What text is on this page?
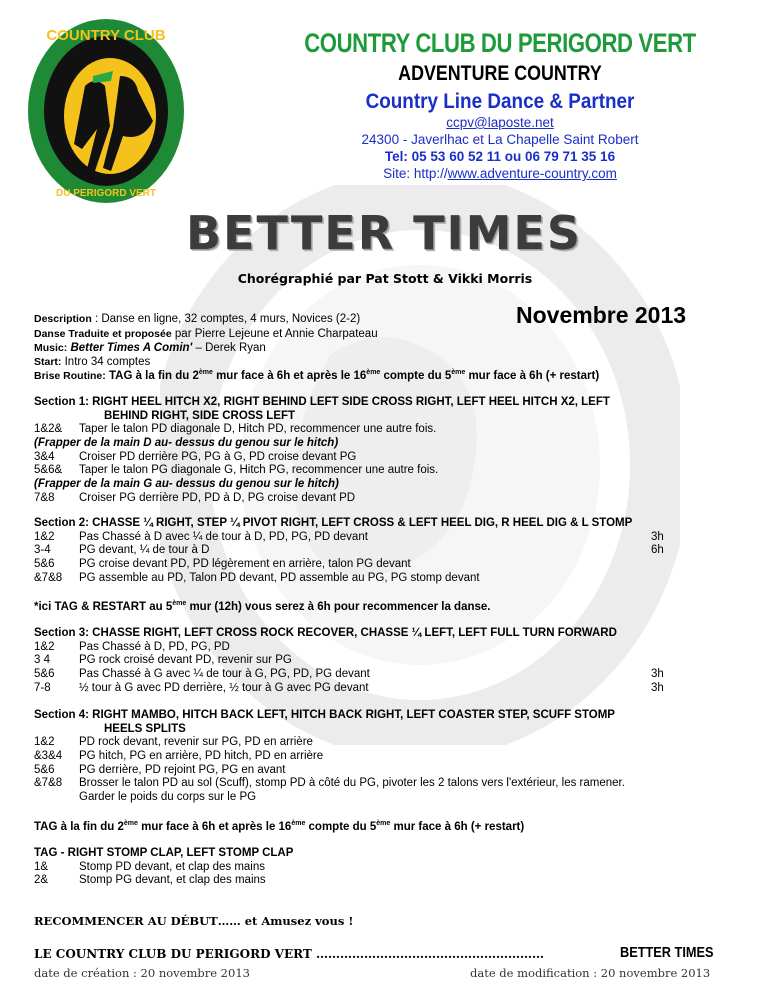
COUNTRY CLUB
DU PERIGORD VERT
COUNTRY CLUB DU PERIGORD VERT
ADVENTURE COUNTRY
Country Line Dance & Partner
ccpv@laposte.net
24300 - Javerlhac et La Chapelle Saint Robert
Tel: 05 53 60 52 11 ou 06 79 71 35 16
Site: http://www.adventure-country.com
BETTER TIMES
Chorégraphié par Pat Stott & Vikki Morris
Novembre 2013
Description : Danse en ligne, 32 comptes, 4 murs, Novices (2-2)
Danse Traduite et proposée par Pierre Lejeune et Annie Charpateau
Music: Better Times A Comin' – Derek Ryan
Start: Intro 34 comptes
Brise Routine: TAG à la fin du 2ème mur face à 6h et après le 16ème compte du 5ème mur face à 6h (+ restart)
Section 1: RIGHT HEEL HITCH X2, RIGHT BEHIND LEFT SIDE CROSS RIGHT, LEFT HEEL HITCH X2, LEFT
BEHIND RIGHT, SIDE CROSS LEFT
1&2& Taper le talon PD diagonale D, Hitch PD, recommencer une autre fois.
(Frapper de la main D au- dessus du genou sur le hitch)
3&4 Croiser PD derrière PG, PG à G, PD croise devant PG
5&6& Taper le talon PG diagonale G, Hitch PG, recommencer une autre fois.
(Frapper de la main G au- dessus du genou sur le hitch)
7&8 Croiser PG derrière PD, PD à D, PG croise devant PD
Section 2: CHASSE ¼ RIGHT, STEP ¼ PIVOT RIGHT, LEFT CROSS & LEFT HEEL DIG, R HEEL DIG & L STOMP
1&2 Pas Chassé à D avec ¼ de tour à D, PD, PG, PD devant	3h
3-4 PG devant, ¼ de tour à D	6h
5&6 PG croise devant PD, PD légèrement en arrière, talon PG devant
&7&8 PG assemble au PD, Talon PD devant, PD assemble au PG, PG stomp devant
*ici TAG & RESTART au 5ème mur (12h) vous serez à 6h pour recommencer la danse.
Section 3: CHASSE RIGHT, LEFT CROSS ROCK RECOVER, CHASSE ¼ LEFT, LEFT FULL TURN FORWARD
1&2 Pas Chassé à D, PD, PG, PD
3 4	PG rock croisé devant PD, revenir sur PG
5&6 Pas Chassé à G avec ¼ de tour à G, PG, PD, PG devant	3h
7-8 ½ tour à G avec PD derrière, ½ tour à G avec PG devant	3h
Section 4: RIGHT MAMBO, HITCH BACK LEFT, HITCH BACK RIGHT, LEFT COASTER STEP, SCUFF STOMP
HEELS SPLITS
1&2 PD rock devant, revenir sur PG, PD en arrière
&3&4 PG hitch, PG en arrière, PD hitch, PD en arrière
5&6 PG derrière, PD rejoint PG, PG en avant
&7&8 Brosser le talon PD au sol (Scuff), stomp PD à côté du PG, pivoter les 2 talons vers l'extérieur, les ramener.
Garder le poids du corps sur le PG
TAG à la fin du 2ème mur face à 6h et après le 16ème compte du 5ème mur face à 6h (+ restart)
TAG - RIGHT STOMP CLAP, LEFT STOMP CLAP
1&	Stomp PD devant, et clap des mains
2&	Stomp PG devant, et clap des mains
RECOMMENCER AU DÉBUT…… et Amusez vous !
LE COUNTRY CLUB DU PERIGORD VERT …………………………………………………	BETTER TIMES
date de création : 20 novembre 2013	date de modification : 20 novembre 2013
